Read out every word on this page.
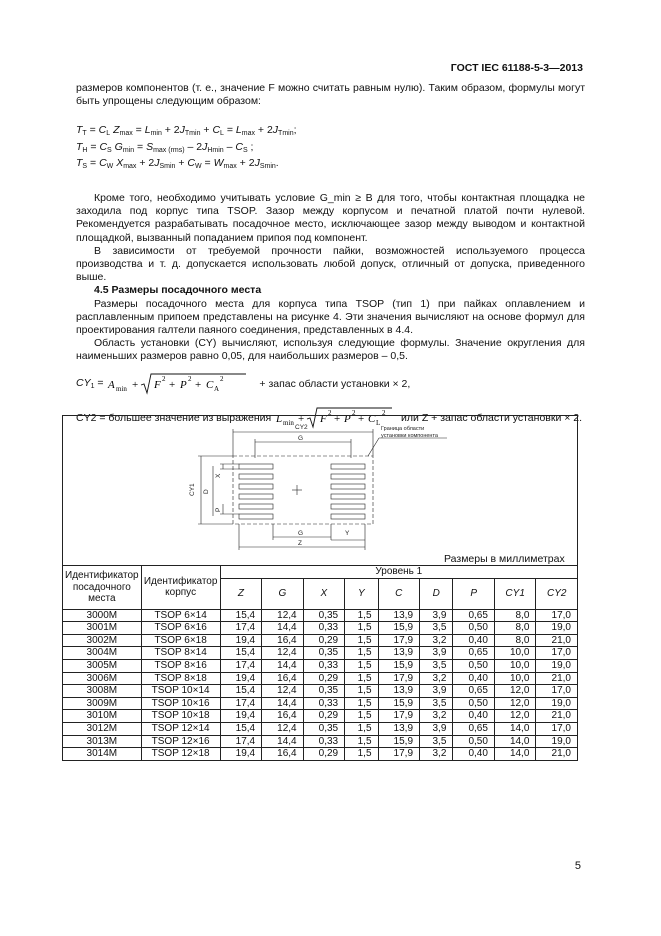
ГОСТ IEC 61188-5-3—2013

размеров компонентов (т. е., значение F можно считать равным нулю). Таким образом, формулы могут быть упрощены следующим образом:

$T_T = C_L$ $Z_{max} = L_{min} + 2J_{Tmin} + C_L = L_{max} + 2J_{Tmin}$;
$T_H = C_S$ $G_{min} = S_{max (rms)} - 2J_{Hmin} - C_S$ ;
$T_S = C_W$ $X_{max} + 2J_{Smin} + C_W = W_{max} + 2J_{Smin}$.

Кроме того, необходимо учитывать условие G_min ≥ B для того, чтобы контактная площадка не заходила под корпус типа TSOP. Зазор между корпусом и печатной платой почти нулевой. Рекомендуется разрабатывать посадочное место, исключающее зазор между выводом и контактной площадкой, вызванный попаданием припоя под компонент.

В зависимости от требуемой прочности пайки, возможностей используемого процесса производства и т. д. допускается использовать любой допуск, отличный от допуска, приведенного выше.

4.5 Размеры посадочного места

Размеры посадочного места для корпуса типа TSOP (тип 1) при пайках оплавлением и расплавленным припоем представлены на рисунке 4. Эти значения вычисляют на основе формул для проектирования галтели паяного соединения, представленных в 4.4.

Область установки (CY) вычисляют, используя следующие формулы. Значение округления для наименьших размеров равно 0,05, для наибольших размеров – 0,5.

$CY_1 = A$ min + F 2 + P 2 + C A
2	+ запас области установки × 2,
CY2 = большее значение из выражения L min + F 2 + P 2 + C L
2 или Z + запас области установки × 2.
CY2
G
Граница области установки компонента
CY1 D
X
P
G	Y
Z
Размеры в миллиметрах
Идентификатор посадочного места	Идентификатор корпус	Уровень 1								
		Z	G	X	Y	C	D	P	CY1	CY2
3000M	TSOP 6×14	15,4	12,4	0,35	1,5	13,9	3,9	0,65	8,0	17,0
3001M	TSOP 6×16	17,4	14,4	0,33	1,5	15,9	3,5	0,50	8,0	19,0
3002M	TSOP 6×18	19,4	16,4	0,29	1,5	17,9	3,2	0,40	8,0	21,0
3004M	TSOP 8×14	15,4	12,4	0,35	1,5	13,9	3,9	0,65	10,0	17,0
3005M	TSOP 8×16	17,4	14,4	0,33	1,5	15,9	3,5	0,50	10,0	19,0
3006M	TSOP 8×18	19,4	16,4	0,29	1,5	17,9	3,2	0,40	10,0	21,0
3008M	TSOP 10×14	15,4	12,4	0,35	1,5	13,9	3,9	0,65	12,0	17,0
3009M	TSOP 10×16	17,4	14,4	0,33	1,5	15,9	3,5	0,50	12,0	19,0
3010M	TSOP 10×18	19,4	16,4	0,29	1,5	17,9	3,2	0,40	12,0	21,0
3012M	TSOP 12×14	15,4	12,4	0,35	1,5	13,9	3,9	0,65	14,0	17,0
3013M	TSOP 12×16	17,4	14,4	0,33	1,5	15,9	3,5	0,50	14,0	19,0
3014M	TSOP 12×18	19,4	16,4	0,29	1,5	17,9	3,2	0,40	14,0	21,0
5
